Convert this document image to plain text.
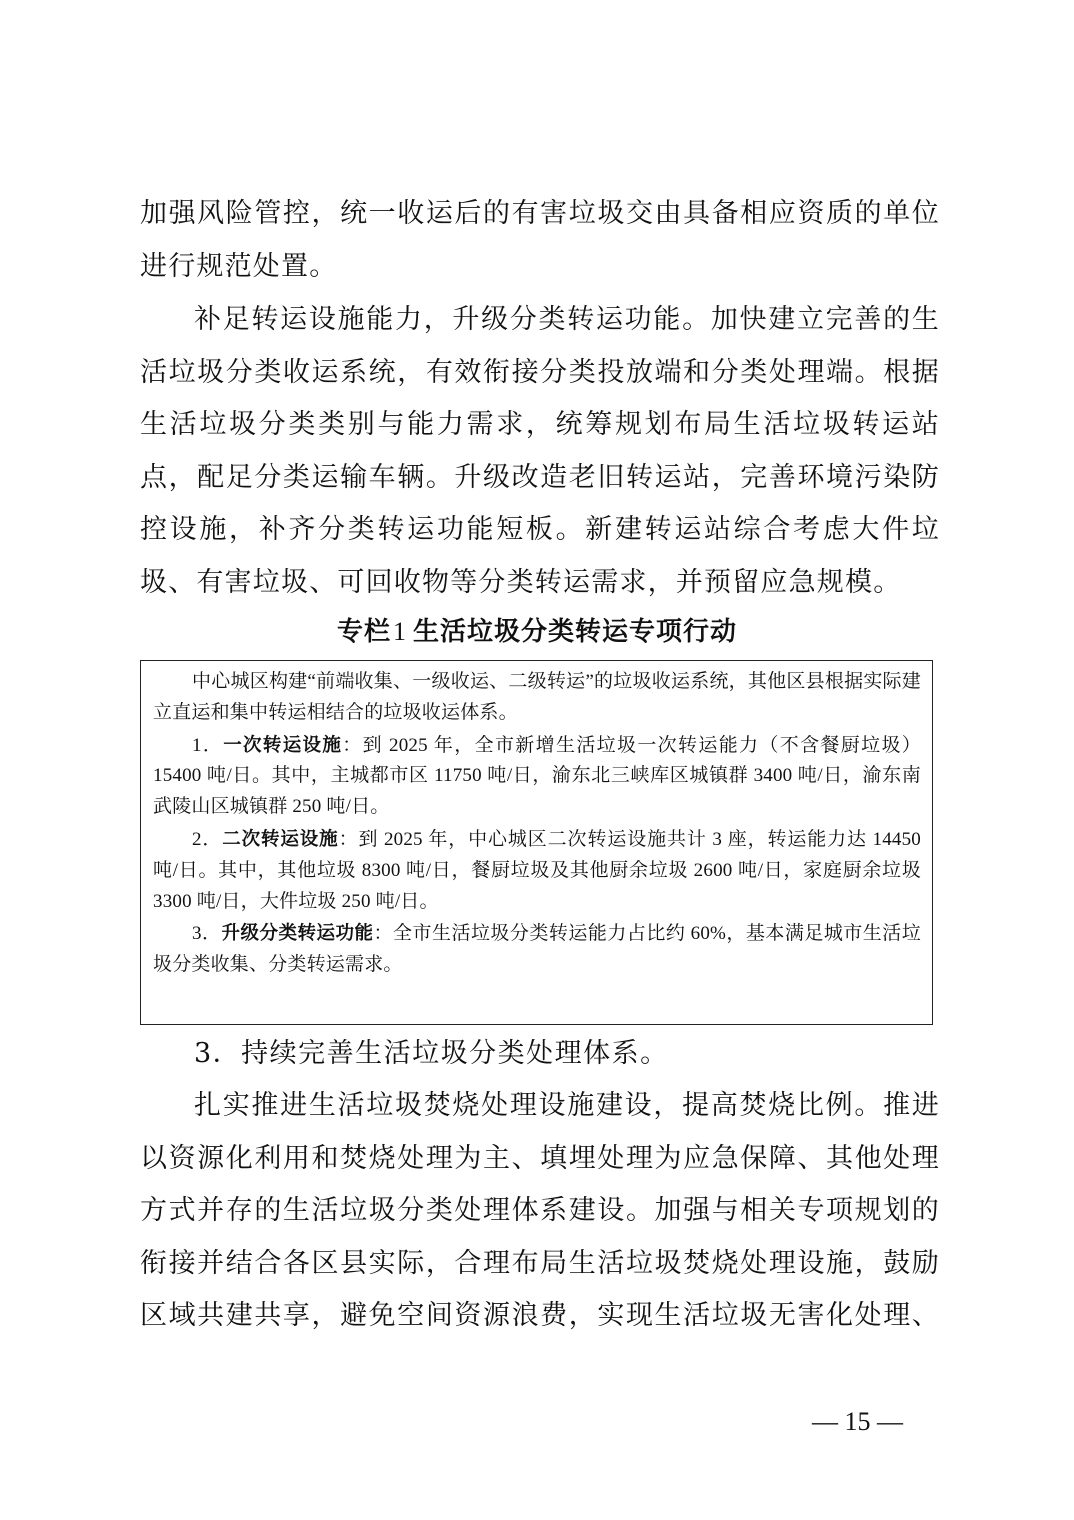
加强风险管控，统一收运后的有害垃圾交由具备相应资质的单位进行规范处置。

补足转运设施能力，升级分类转运功能。加快建立完善的生活垃圾分类收运系统，有效衔接分类投放端和分类处理端。根据生活垃圾分类类别与能力需求，统筹规划布局生活垃圾转运站点，配足分类运输车辆。升级改造老旧转运站，完善环境污染防控设施，补齐分类转运功能短板。新建转运站综合考虑大件垃圾、有害垃圾、可回收物等分类转运需求，并预留应急规模。

专栏1 生活垃圾分类转运专项行动

中心城区构建“前端收集、一级收运、二级转运”的垃圾收运系统，其他区县根据实际建立直运和集中转运相结合的垃圾收运体系。

1．一次转运设施：到 2025 年，全市新增生活垃圾一次转运能力（不含餐厨垃圾）15400 吨/日。其中，主城都市区 11750 吨/日，渝东北三峡库区城镇群 3400 吨/日，渝东南武陵山区城镇群 250 吨/日。

2．二次转运设施：到 2025 年，中心城区二次转运设施共计 3 座，转运能力达 14450 吨/日。其中，其他垃圾 8300 吨/日，餐厨垃圾及其他厨余垃圾 2600 吨/日，家庭厨余垃圾 3300 吨/日，大件垃圾 250 吨/日。

3．升级分类转运功能：全市生活垃圾分类转运能力占比约 60%，基本满足城市生活垃圾分类收集、分类转运需求。

3．持续完善生活垃圾分类处理体系。

扎实推进生活垃圾焚烧处理设施建设，提高焚烧比例。推进以资源化利用和焚烧处理为主、填埋处理为应急保障、其他处理方式并存的生活垃圾分类处理体系建设。加强与相关专项规划的衔接并结合各区县实际，合理布局生活垃圾焚烧处理设施，鼓励区域共建共享，避免空间资源浪费，实现生活垃圾无害化处理、

— 15 —
